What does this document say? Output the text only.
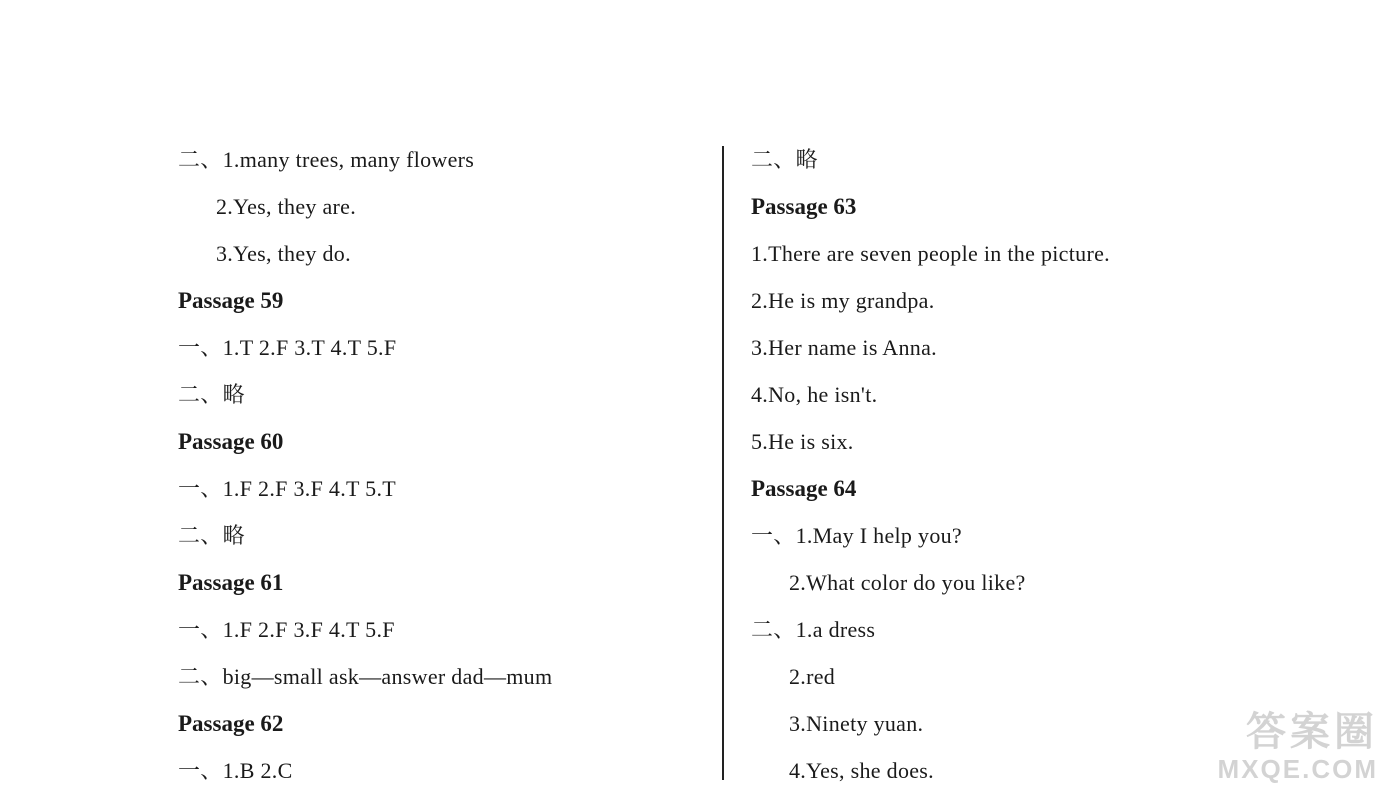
二、1.many trees, many flowers
2.Yes, they are.
3.Yes, they do.
Passage 59
一、1.T 2.F 3.T 4.T 5.F
二、略
Passage 60
一、1.F 2.F 3.F 4.T 5.T
二、略
Passage 61
一、1.F 2.F 3.F 4.T 5.F
二、big—small ask—answer dad—mum
Passage 62
一、1.B 2.C
二、略
Passage 63
1.There are seven people in the picture.
2.He is my grandpa.
3.Her name is Anna.
4.No, he isn't.
5.He is six.
Passage 64
一、1.May I help you?
2.What color do you like?
二、1.a dress
2.red
3.Ninety yuan.
4.Yes, she does.
答案圈
MXQE.COM
